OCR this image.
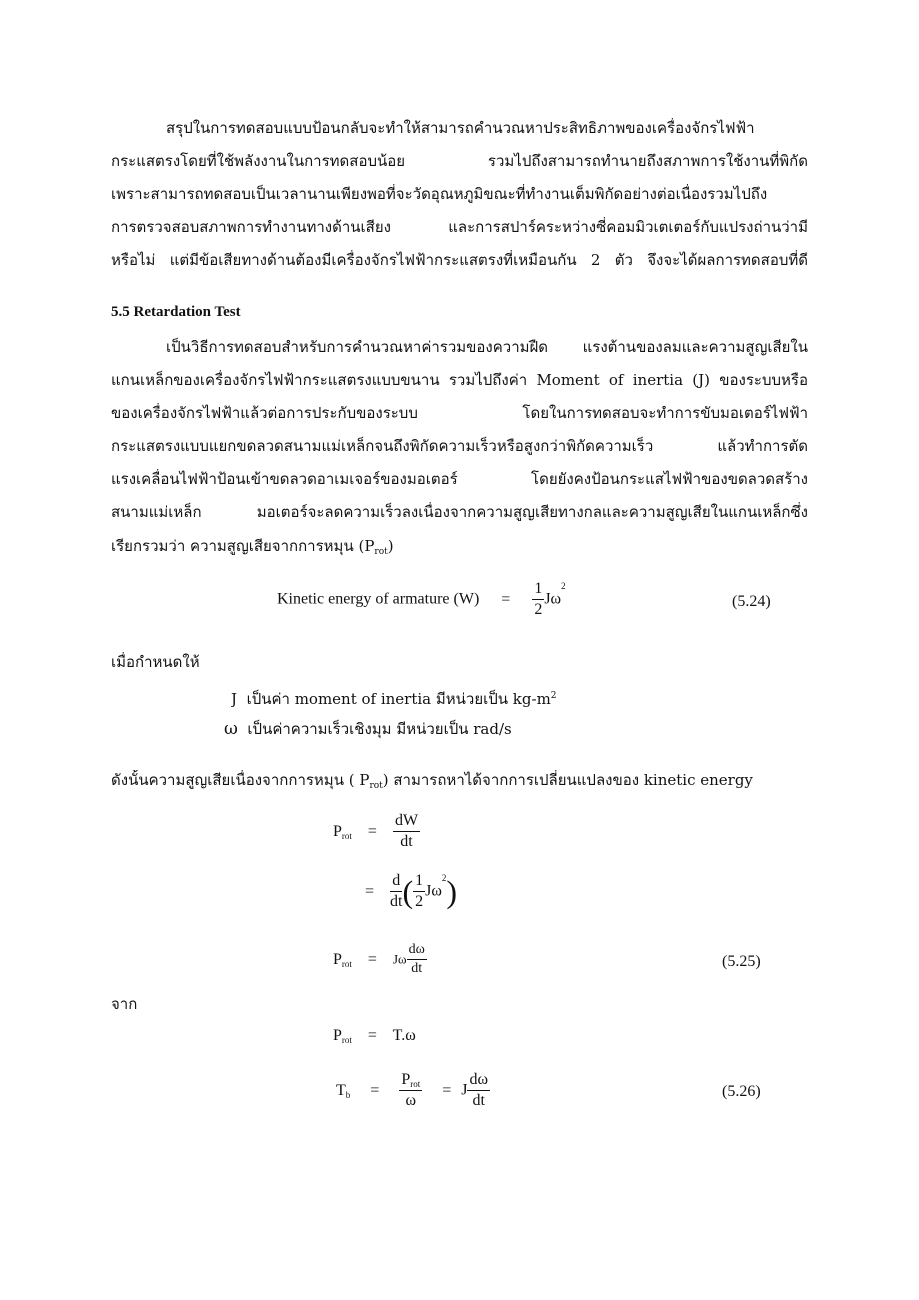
สรุปในการทดสอบแบบป้อนกลับจะทำให้สามารถคำนวณหาประสิทธิภาพของเครื่องจักรไฟฟ้า
กระแสตรงโดยที่ใช้พลังงานในการทดสอบน้อย รวมไปถึงสามารถทำนายถึงสภาพการใช้งานที่พิกัด
เพราะสามารถทดสอบเป็นเวลานานเพียงพอที่จะวัดอุณหภูมิขณะที่ทำงานเต็มพิกัดอย่างต่อเนื่องรวมไปถึง
การตรวจสอบสภาพการทำงานทางด้านเสียง และการสปาร์คระหว่างซี่คอมมิวเตเตอร์กับแปรงถ่านว่ามี
หรือไม่ แต่มีข้อเสียทางด้านต้องมีเครื่องจักรไฟฟ้ากระแสตรงที่เหมือนกัน 2 ตัว จึงจะได้ผลการทดสอบที่ดี
5.5 Retardation Test
เป็นวิธีการทดสอบสำหรับการคำนวณหาค่ารวมของความฝืด แรงต้านของลมและความสูญเสียใน
แกนเหล็กของเครื่องจักรไฟฟ้ากระแสตรงแบบขนาน รวมไปถึงค่า Moment of inertia (J) ของระบบหรือ
ของเครื่องจักรไฟฟ้าแล้วต่อการประกับของระบบ โดยในการทดสอบจะทำการขับมอเตอร์ไฟฟ้า
กระแสตรงแบบแยกขดลวดสนามแม่เหล็กจนถึงพิกัดความเร็วหรือสูงกว่าพิกัดความเร็ว แล้วทำการตัด
แรงเคลื่อนไฟฟ้าป้อนเข้าขดลวดอาเมเจอร์ของมอเตอร์ โดยยังคงป้อนกระแสไฟฟ้าของขดลวดสร้าง
สนามแม่เหล็ก มอเตอร์จะลดความเร็วลงเนื่องจากความสูญเสียทางกลและความสูญเสียในแกนเหล็กซึ่ง
เรียกรวมว่า ความสูญเสียจากการหมุน $(P_{rot})$
Kinetic energy of armature $(W) = \frac{1}{2} J\omega^2$
(5.24)
เมื่อกำหนดให้
J เป็นค่า moment of inertia มีหน่วยเป็น $kg-m^2$
ω เป็นค่าความเร็วเชิงมุม มีหน่วยเป็น rad/s
ดังนั้นความสูญเสียเนื่องจากการหมุน ( $P_{rot}$) สามารถหาได้จากการเปลี่ยนแปลงของ kinetic energy
$P_{rot} = \frac{dW}{dt}$
= $\frac{d}{dt}$ ( $\frac{1}{2} J\omega^2$)
$P_{rot} = J\omega \frac{d\omega}{dt}$	(5.25)
จาก
$P_{rot} = T.\omega$
$T_b = \frac{P_{rot}}{\omega} = J \frac{d\omega}{dt}$	(5.26)
